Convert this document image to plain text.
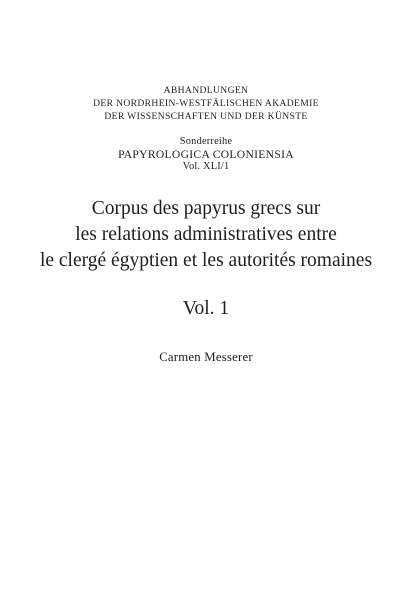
ABHANDLUNGEN
DER NORDRHEIN-WESTFÄLISCHEN AKADEMIE
DER WISSENSCHAFTEN UND DER KÜNSTE
Sonderreihe
PAPYROLOGICA COLONIENSIA
Vol. XLI/1
Corpus des papyrus grecs sur
les relations administratives entre
le clergé égyptien et les autorités romaines
Vol. 1
Carmen Messerer
